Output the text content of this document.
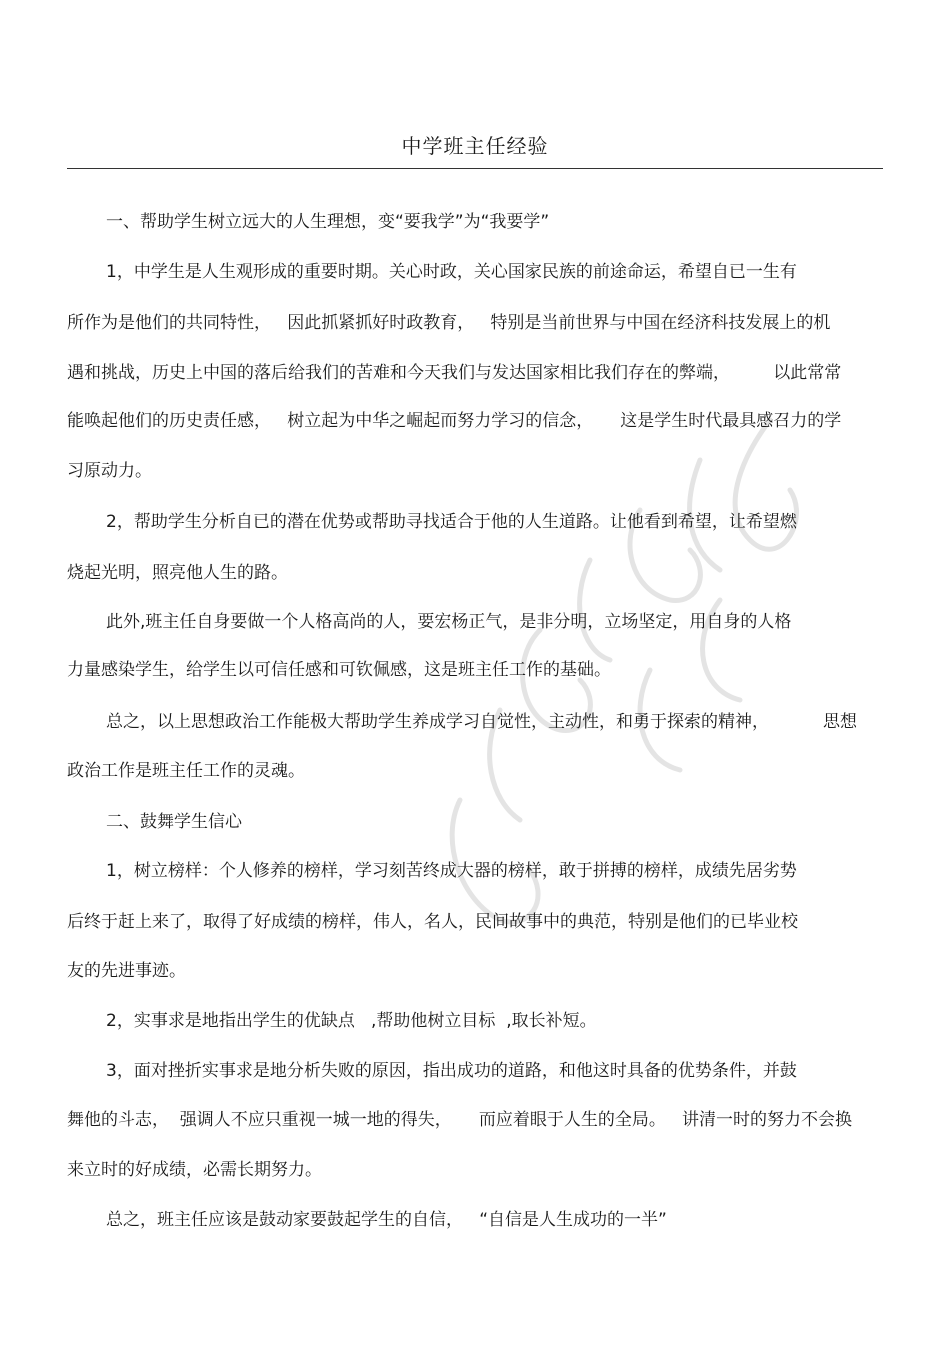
中学班主任经验
一、帮助学生树立远大的人生理想，变“要我学”为“我要学”
1，中学生是人生观形成的重要时期。关心时政，关心国家民族的前途命运，希望自已一生有
所作为是他们的共同特性，   因此抓紧抓好时政教育，   特别是当前世界与中国在经济科技发展上的机
遇和挑战，历史上中国的落后给我们的苦难和今天我们与发达国家相比我们存在的弊端，        以此常常
能唤起他们的历史责任感，   树立起为中华之崛起而努力学习的信念，     这是学生时代最具感召力的学
习原动力。
2，帮助学生分析自已的潜在优势或帮助寻找适合于他的人生道路。让他看到希望，让希望燃
烧起光明，照亮他人生的路。
此外,班主任自身要做一个人格高尚的人，要宏杨正气，是非分明，立场坚定，用自身的人格
力量感染学生，给学生以可信任感和可钦佩感，这是班主任工作的基础。
总之，以上思想政治工作能极大帮助学生养成学习自觉性，主动性，和勇于探索的精神，          思想
政治工作是班主任工作的灵魂。
二、鼓舞学生信心
1，树立榜样：个人修养的榜样，学习刻苦终成大器的榜样，敢于拼搏的榜样，成绩先居劣势
后终于赶上来了，取得了好成绩的榜样，伟人，名人，民间故事中的典范，特别是他们的已毕业校
友的先进事迹。
2，实事求是地指出学生的优缺点   ,帮助他树立目标  ,取长补短。
3，面对挫折实事求是地分析失败的原因，指出成功的道路，和他这时具备的优势条件，并鼓
舞他的斗志，  强调人不应只重视一城一地的得失，     而应着眼于人生的全局。   讲清一时的努力不会换
来立时的好成绩，必需长期努力。
总之，班主任应该是鼓动家要鼓起学生的自信，   “自信是人生成功的一半”
